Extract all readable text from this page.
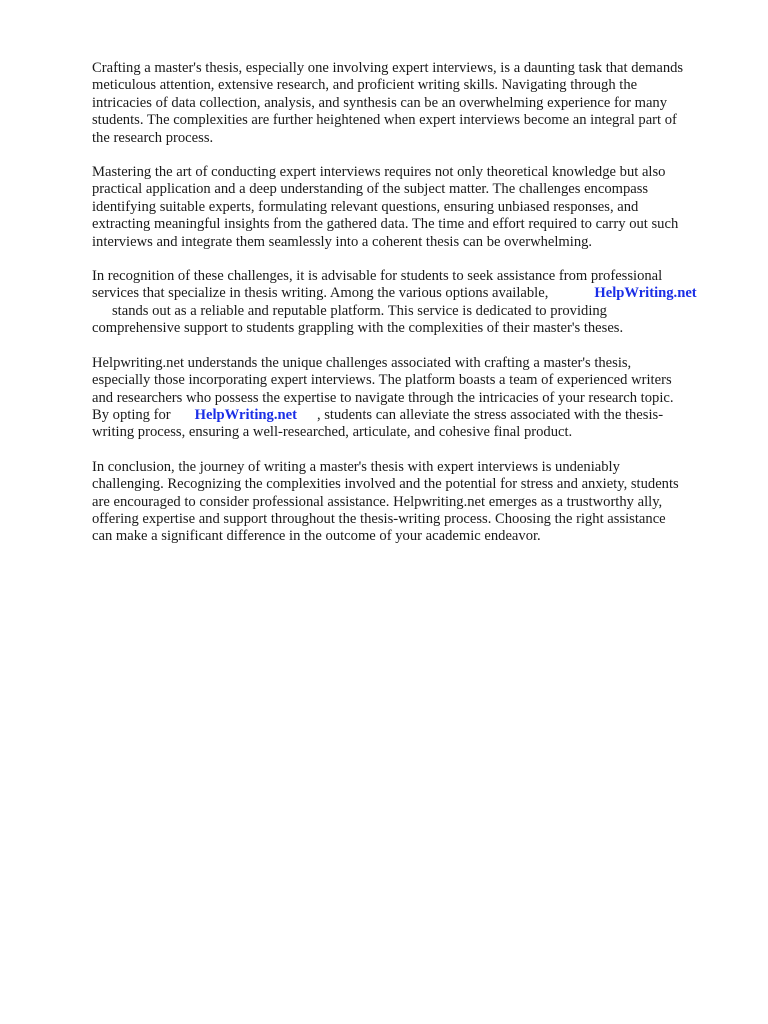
Crafting a master's thesis, especially one involving expert interviews, is a daunting task that demands
meticulous attention, extensive research, and proficient writing skills. Navigating through the
intricacies of data collection, analysis, and synthesis can be an overwhelming experience for many
students. The complexities are further heightened when expert interviews become an integral part of
the research process.
Mastering the art of conducting expert interviews requires not only theoretical knowledge but also
practical application and a deep understanding of the subject matter. The challenges encompass
identifying suitable experts, formulating relevant questions, ensuring unbiased responses, and
extracting meaningful insights from the gathered data. The time and effort required to carry out such
interviews and integrate them seamlessly into a coherent thesis can be overwhelming.
In recognition of these challenges, it is advisable for students to seek assistance from professional
services that specialize in thesis writing. Among the various options available,	HelpWriting.net
stands out as a reliable and reputable platform. This service is dedicated to providing
comprehensive support to students grappling with the complexities of their master's theses.
Helpwriting.net understands the unique challenges associated with crafting a master's thesis,
especially those incorporating expert interviews. The platform boasts a team of experienced writers
and researchers who possess the expertise to navigate through the intricacies of your research topic.
By opting for HelpWriting.net , students can alleviate the stress associated with the thesis-
writing process, ensuring a well-researched, articulate, and cohesive final product.
In conclusion, the journey of writing a master's thesis with expert interviews is undeniably
challenging. Recognizing the complexities involved and the potential for stress and anxiety, students
are encouraged to consider professional assistance. Helpwriting.net emerges as a trustworthy ally,
offering expertise and support throughout the thesis-writing process. Choosing the right assistance
can make a significant difference in the outcome of your academic endeavor.
